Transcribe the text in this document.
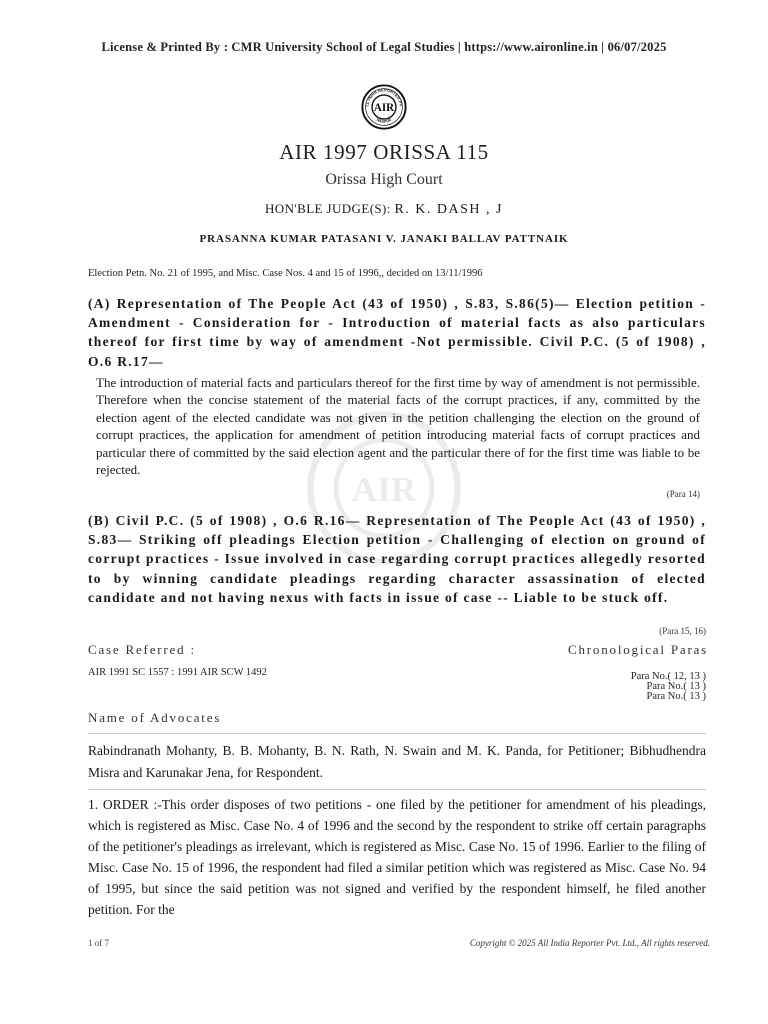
License & Printed By : CMR University School of Legal Studies | https://www.aironline.in | 06/07/2025
AIR
LL INDIA REPORTER PV
NAGPUR
AIR
AIR 1997 ORISSA 115
Orissa High Court
HON'BLE JUDGE(S): R. K. DASH , J
PRASANNA KUMAR PATASANI V. JANAKI BALLAV PATTNAIK
Election Petn. No. 21 of 1995, and Misc. Case Nos. 4 and 15 of 1996,, decided on 13/11/1996
(A) Representation of The People Act (43 of 1950) , S.83, S.86(5)— Election petition - Amendment - Consideration for - Introduction of material facts as also particulars thereof for first time by way of amendment -Not permissible. Civil P.C. (5 of 1908) , O.6 R.17—
The introduction of material facts and particulars thereof for the first time by way of amendment is not permissible. Therefore when the concise statement of the material facts of the corrupt practices, if any, committed by the election agent of the elected candidate was not given in the petition challenging the election on the ground of corrupt practices, the application for amendment of petition introducing material facts of corrupt practices and particular there of committed by the said election agent and the particular there of for the first time was liable to be rejected.
(Para 14)
(B) Civil P.C. (5 of 1908) , O.6 R.16— Representation of The People Act (43 of 1950) , S.83— Striking off pleadings Election petition - Challenging of election on ground of corrupt practices - Issue involved in case regarding corrupt practices allegedly resorted to by winning candidate pleadings regarding character assassination of elected candidate and not having nexus with facts in issue of case -- Liable to be stuck off.
(Para 15, 16)
Case Referred :	Chronological Paras
AIR 1991 SC 1557 : 1991 AIR SCW 1492	Para No.( 12, 13 )
Para No.( 13 )
Para No.( 13 )
Name of Advocates
Rabindranath Mohanty, B. B. Mohanty, B. N. Rath, N. Swain and M. K. Panda, for Petitioner; Bibhudhendra Misra and Karunakar Jena, for Respondent.
1. ORDER :-This order disposes of two petitions - one filed by the petitioner for amendment of his pleadings, which is registered as Misc. Case No. 4 of 1996 and the second by the respondent to strike off certain paragraphs of the petitioner's pleadings as irrelevant, which is registered as Misc. Case No. 15 of 1996. Earlier to the filing of Misc. Case No. 15 of 1996, the respondent had filed a similar petition which was registered as Misc. Case No. 94 of 1995, but since the said petition was not signed and verified by the respondent himself, he filed another petition. For the
1 of 7	Copyright © 2025 All India Reporter Pvt. Ltd., All rights reserved.
